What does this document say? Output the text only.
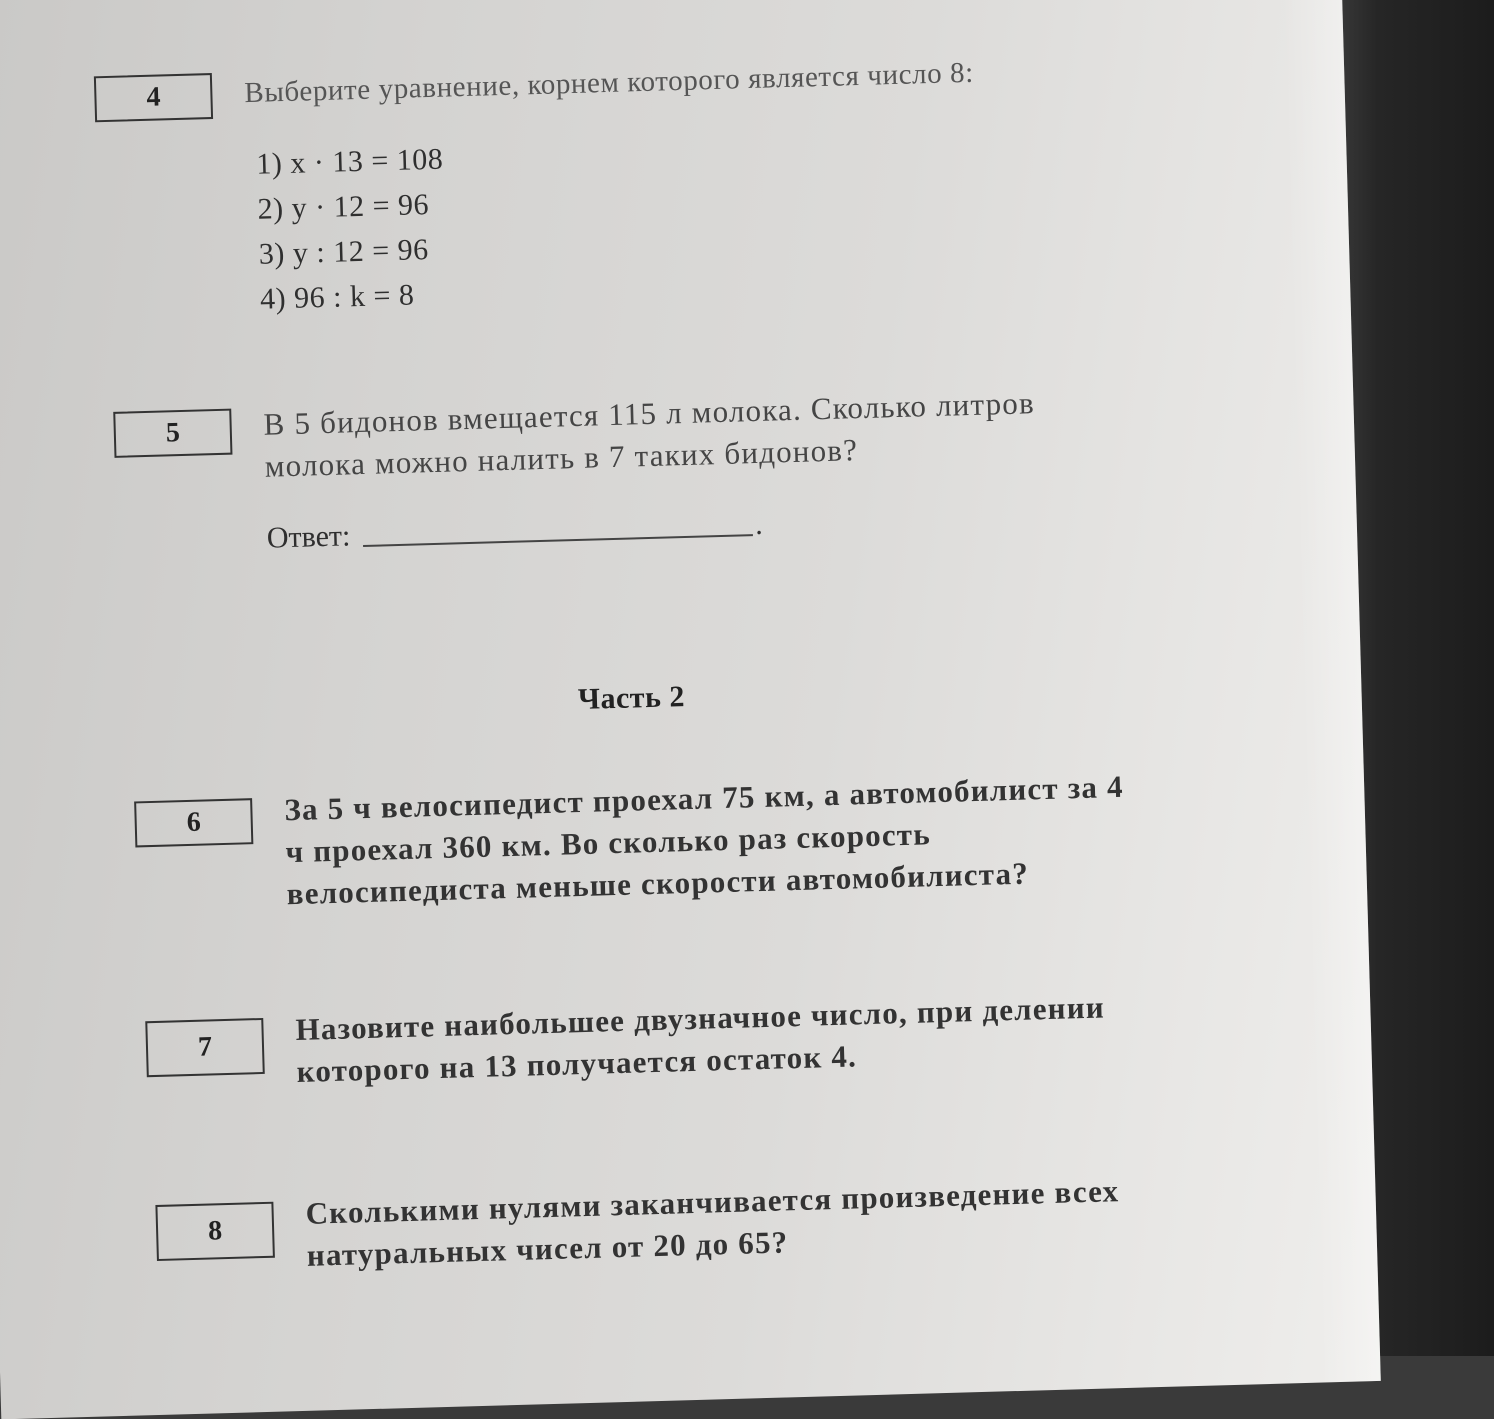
4	Выберите уравнение, корнем которого является число 8:
1) x · 13 = 108
2) y · 12 = 96
3) y : 12 = 96
4) 96 : k = 8
5	В 5 бидонов вмещается 115 л молока. Сколько литров молока можно налить в 7 таких бидонов?
Ответ:	.
Часть 2
6	За 5 ч велосипедист проехал 75 км, а автомобилист за 4 ч проехал 360 км. Во сколько раз скорость велосипедиста меньше скорости автомобилиста?
7
Назовите наибольшее двузначное число, при делении которого на 13 получается остаток 4.
8
Сколькими нулями заканчивается произведение всех натуральных чисел от 20 до 65?
